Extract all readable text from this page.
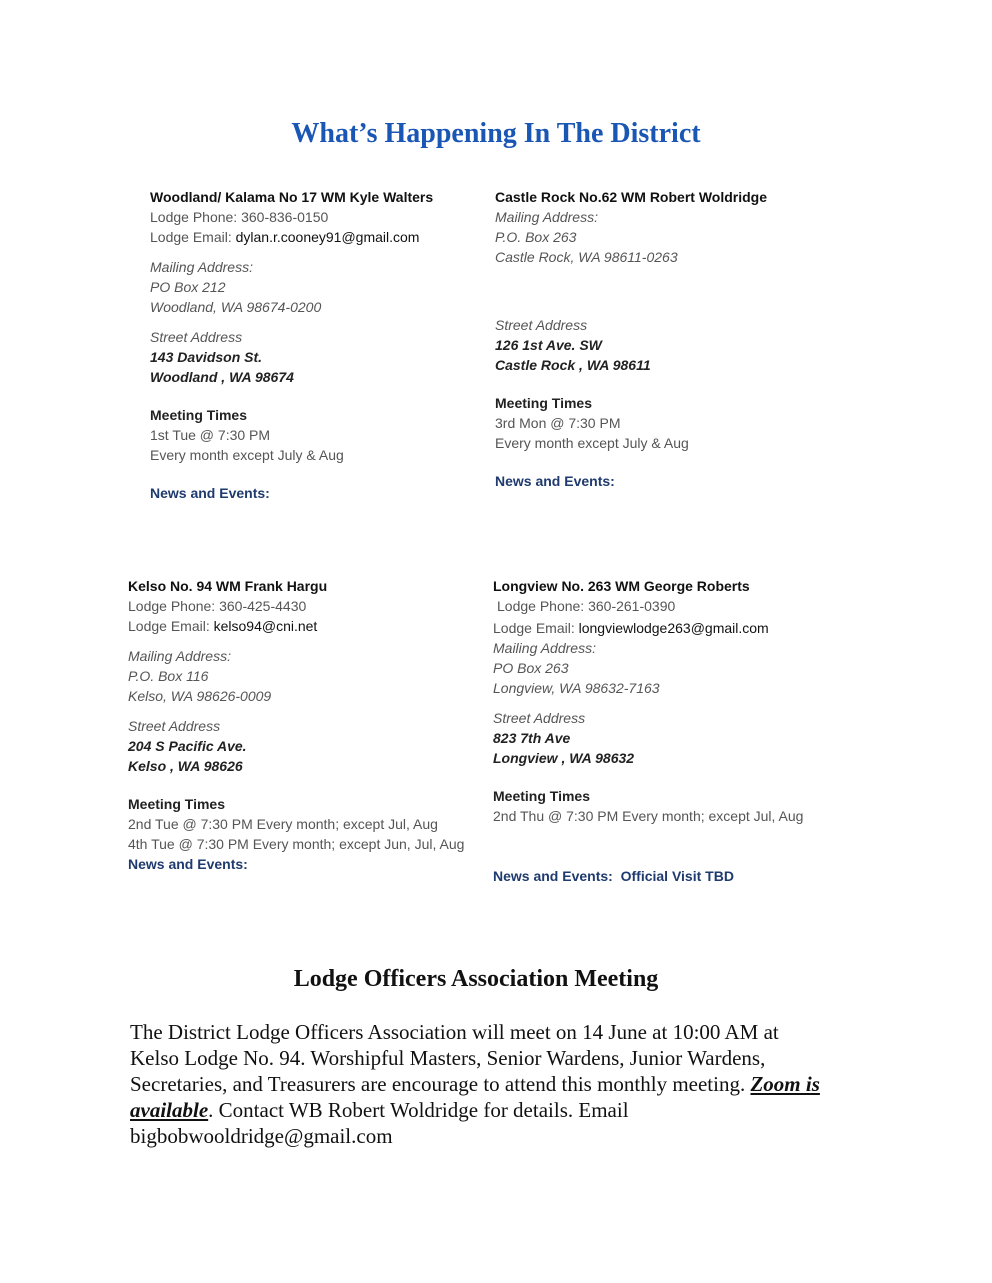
What’s Happening In The District
Woodland/ Kalama No 17 WM Kyle Walters
Lodge Phone: 360-836-0150
Lodge Email: dylan.r.cooney91@gmail.com
Mailing Address:
PO Box 212
Woodland, WA 98674-0200
Street Address
143 Davidson St.
Woodland , WA 98674
Meeting Times
1st Tue @ 7:30 PM
Every month except July & Aug
News and Events:
Castle Rock No.62 WM Robert Woldridge
Mailing Address:
P.O. Box 263
Castle Rock, WA 98611-0263
Street Address
126 1st Ave. SW
Castle Rock , WA 98611
Meeting Times
3rd Mon @ 7:30 PM
Every month except July & Aug
News and Events:
Kelso No. 94 WM Frank Hargu
Lodge Phone: 360-425-4430
Lodge Email: kelso94@cni.net
Mailing Address:
P.O. Box 116
Kelso, WA 98626-0009
Street Address
204 S Pacific Ave.
Kelso , WA 98626
Meeting Times
2nd Tue @ 7:30 PM Every month; except Jul, Aug
4th Tue @ 7:30 PM Every month; except Jun, Jul, Aug
News and Events:
Longview No. 263 WM George Roberts
Lodge Phone: 360-261-0390
Lodge Email: longviewlodge263@gmail.com
Mailing Address:
PO Box 263
Longview, WA 98632-7163
Street Address
823 7th Ave
Longview , WA 98632
Meeting Times
2nd Thu @ 7:30 PM Every month; except Jul, Aug
News and Events: Official Visit TBD
Lodge Officers Association Meeting

The District Lodge Officers Association will meet on 14 June at 10:00 AM at Kelso Lodge No. 94. Worshipful Masters, Senior Wardens, Junior Wardens, Secretaries, and Treasurers are encourage to attend this monthly meeting. Zoom is available. Contact WB Robert Woldridge for details. Email bigbobwooldridge@gmail.com
